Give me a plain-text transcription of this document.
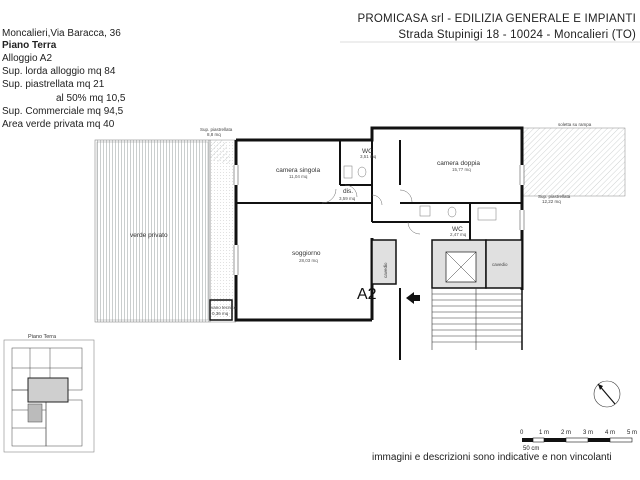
Moncalieri,Via Baracca, 36
Piano Terra
Alloggio A2
Sup. lorda alloggio mq 84
Sup. piastrellata mq 21
al 50% mq 10,5
Sup. Commerciale mq 94,5
Area verde privata mq 40
PROMICASA srl - EDILIZIA GENERALE E IMPIANTI
Strada Stupinigi 18 - 10024 - Moncalieri (TO)
verde privato
Sup. piastrellata
8,8 mq
soletta su rampa
Sup. piastrellata
12,22 mq
vano tecnico
0,36 mq
camera singola
11,04 mq
WC
3,51 mq
camera doppia
15,77 mq
dis.
3,59 mq
WC
2,47 mq
soggiorno
28,03 mq
cavedio	cavedio
A2
Piano Terra
0	1 m 2 m 3 m 4 m 5 m
50 cm
immagini e descrizioni sono indicative e non vincolanti
